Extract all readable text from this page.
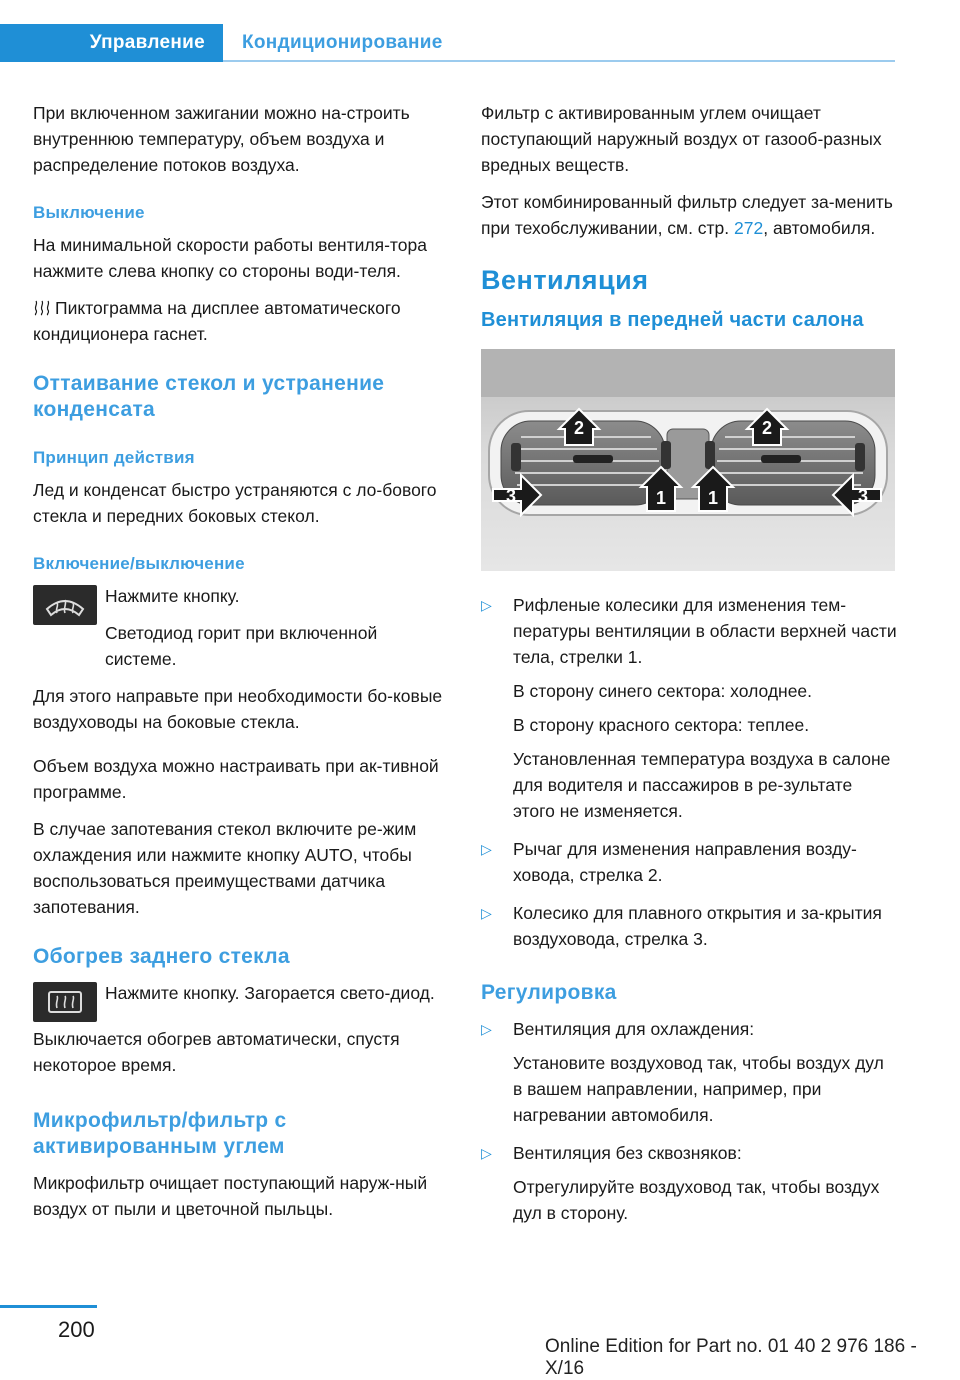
Управление Кондиционирование

При включенном зажигании можно на-строить внутреннюю температуру, объем воздуха и распределение потоков воздуха.

Выключение

На минимальной скорости работы вентиля-тора нажмите слева кнопку со стороны води-теля.

Пиктограмма на дисплее автоматического кондиционера гаснет.

Оттаивание стекол и устранение конденсата
Принцип действия

Лед и конденсат быстро устраняются с ло-бового стекла и передних боковых стекол.

Включение/выключение

Нажмите кнопку.

Светодиод горит при включенной системе.

Для этого направьте при необходимости бо-ковые воздуховоды на боковые стекла.

Объем воздуха можно настраивать при ак-тивной программе.

В случае запотевания стекол включите ре-жим охлаждения или нажмите кнопку AUTO, чтобы воспользоваться преимуществами датчика запотевания.

Обогрев заднего стекла

Нажмите кнопку. Загорается свето-диод.

Выключается обогрев автоматически, спустя некоторое время.

Микрофильтр/фильтр с активированным углем

Микрофильтр очищает поступающий наруж-ный воздух от пыли и цветочной пыльцы.

Фильтр с активированным углем очищает поступающий наружный воздух от газооб-разных вредных веществ.

Этот комбинированный фильтр следует за-менить при техобслуживании, см. стр. 272, автомобиля.

Вентиляция
Вентиляция в передней части салона
2	2
3	1 1	3
▷ Рифленые колесики для изменения тем-пературы вентиляции в области верхней части тела, стрелки 1.

В сторону синего сектора: холоднее.

В сторону красного сектора: теплее.

Установленная температура воздуха в салоне для водителя и пассажиров в ре-зультате этого не изменяется.

▷ Рычаг для изменения направления возду-ховода, стрелка 2.

▷ Колесико для плавного открытия и за-крытия воздуховода, стрелка 3.

Регулировка
▷ Вентиляция для охлаждения:

Установите воздуховод так, чтобы воздух дул в вашем направлении, например, при нагревании автомобиля.

▷ Вентиляция без сквозняков:

Отрегулируйте воздуховод так, чтобы воздух дул в сторону.

200
Online Edition for Part no. 01 40 2 976 186 - X/16
